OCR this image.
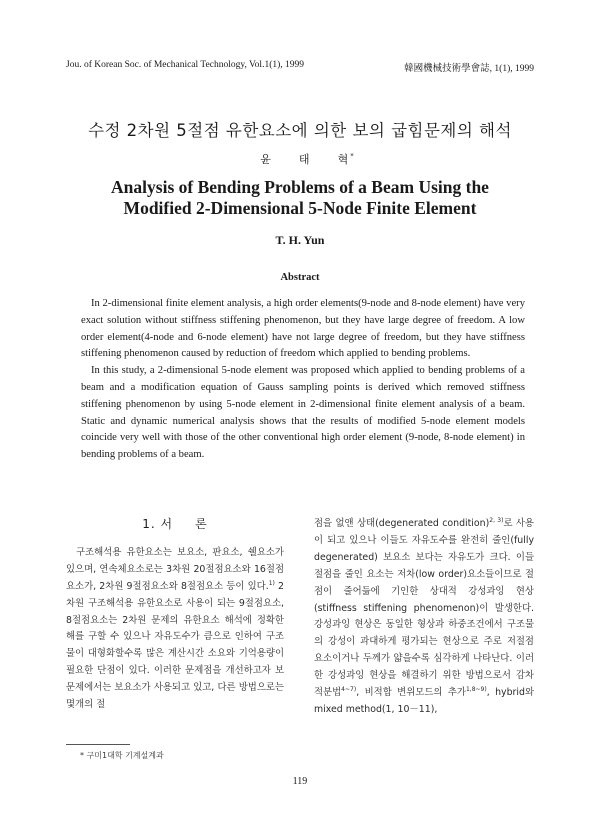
Jou. of Korean Soc. of Mechanical Technology, Vol.1(1), 1999	韓國機械技術學會誌, 1(1), 1999
수정 2차원 5절점 유한요소에 의한 보의 굽힘문제의 해석
윤	태	혁 *
Analysis of Bending Problems of a Beam Using the
Modified 2-Dimensional 5-Node Finite Element
T. H. Yun
Abstract

In 2-dimensional finite element analysis, a high order elements(9-node and 8-node element) have very exact solution without stiffness stiffening phenomenon, but they have large degree of freedom. A low order element(4-node and 6-node element) have not large degree of freedom, but they have stiffness stiffening phenomenon caused by reduction of freedom which applied to bending problems.

In this study, a 2-dimensional 5-node element was proposed which applied to bending problems of a beam and a modification equation of Gauss sampling points is derived which removed stiffness stiffening phenomenon by using 5-node element in 2-dimensional finite element analysis of a beam. Static and dynamic numerical analysis shows that the results of modified 5-node element models coincide very well with those of the other conventional high order element (9-node, 8-node element) in bending problems of a beam.

1. 서 론

구조해석용 유한요소는 보요소, 판요소, 쉘요소가 있으며, 연속체요소로는 3차원 20절점요소와 16절점요소가, 2차원 9절점요소와 8절점요소 등이 있다.$^{1)}$ 2차원 구조해석용 유한요소로 사용이 되는 9절점요소, 8절점요소는 2차원 문제의 유한요소 해석에 정확한 해를 구할 수 있으나 자유도수가 큼으로 인하여 구조물이 대형화할수록 많은 계산시간 소요와 기억용량이 필요한 단점이 있다. 이러한 문제점을 개선하고자 보문제에서는 보요소가 사용되고 있고, 다른 방법으로는 몇개의 절

점을 없앤 상태(degenerated condition)$^{2, 3)}$로 사용이 되고 있으나 이들도 자유도수를 완전히 줄인(fully degenerated) 보요소 보다는 자유도가 크다. 이들 절점을 줄인 요소는 저차(low order)요소들이므로 절점이 줄어듦에 기인한 상대적 강성과잉 현상(stiffness stiffening phenomenon)이 발생한다. 강성과잉 현상은 동일한 형상과 하중조건에서 구조물의 강성이 과대하게 평가되는 현상으로 주로 저절점 요소이거나 두께가 얇을수록 심각하게 나타난다. 이러한 강성과잉 현상을 해결하기 위한 방법으로서 감차 적분법$^{4\sim 7)}$, 비적합 변위모드의 추가$^{1,8\sim 9)}$, hybrid와 mixed method(1, 10－11),

* 구미1대학 기계설계과
119
